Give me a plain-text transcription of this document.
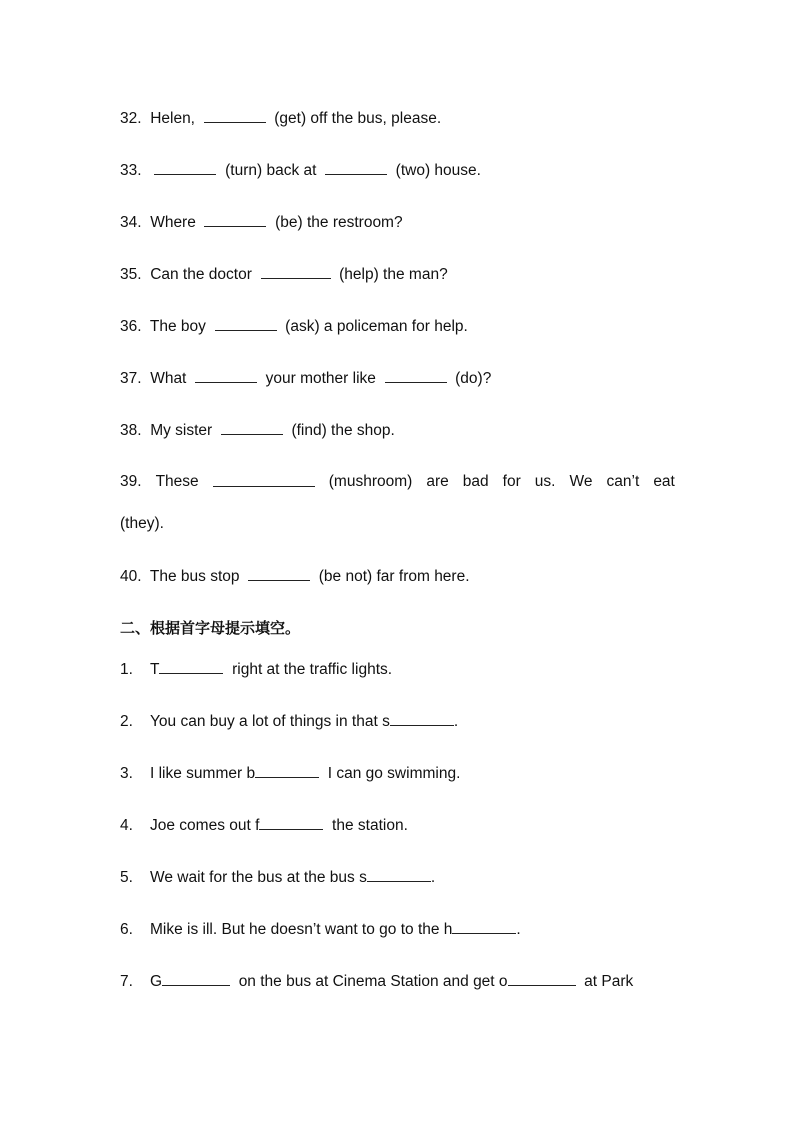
32. Helen,	(get) off the bus, please.
33.	(turn) back at	(two) house.
34. Where	(be) the restroom?
35. Can the doctor	(help) the man?
36. The boy	(ask) a policeman for help.
37. What	your mother like	(do)?
38. My sister	(find) the shop.
39. These	(mushroom) are bad for us. We can’t eat
(they).
40. The bus stop	(be not) far from here.
二、根据首字母提示填空。
1. T	right at the traffic lights.
2. You can buy a lot of things in that s	.
3. I like summer b	I can go swimming.
4. Joe comes out f	the station.
5. We wait for the bus at the bus s	.
6. Mike is ill. But he doesn’t want to go to the h	.
7. G	on the bus at Cinema Station and get o	at Park
